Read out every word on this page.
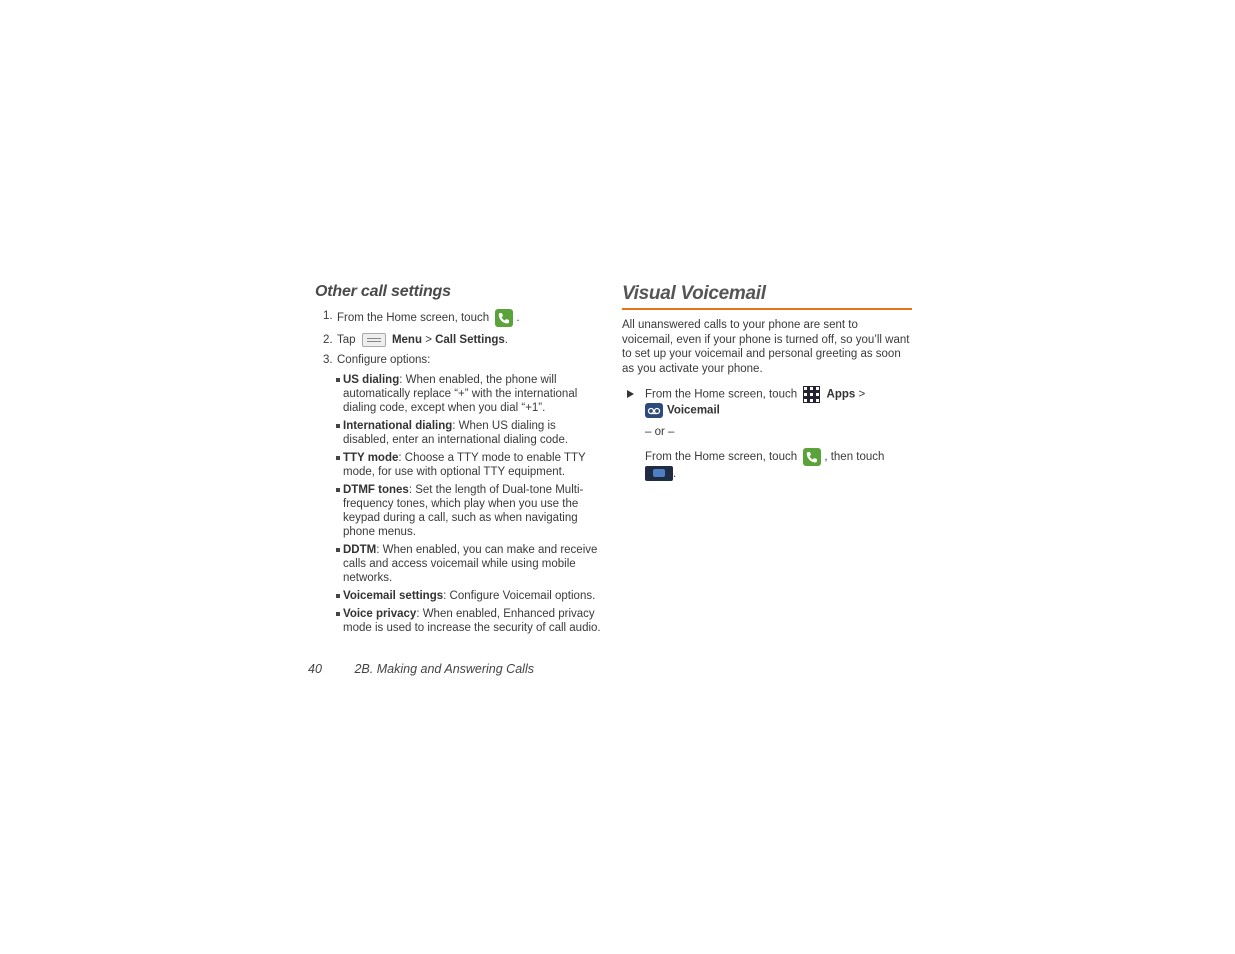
Other call settings
1. From the Home screen, touch .
2. Tap	Menu > Call Settings.
3. Configure options:
US dialing: When enabled, the phone will automatically replace “+” with the international dialing code, except when you dial “+1”.
International dialing: When US dialing is disabled, enter an international dialing code.
TTY mode: Choose a TTY mode to enable TTY mode, for use with optional TTY equipment.
DTMF tones: Set the length of Dual-tone Multi-frequency tones, which play when you use the keypad during a call, such as when navigating phone menus.
DDTM: When enabled, you can make and receive calls and access voicemail while using mobile networks.
Voicemail settings: Configure Voicemail options.
Voice privacy: When enabled, Enhanced privacy mode is used to increase the security of call audio.
Visual Voicemail

All unanswered calls to your phone are sent to voicemail, even if your phone is turned off, so you’ll want to set up your voicemail and personal greeting as soon as you activate your phone.

From the Home screen, touch	Apps >

Voicemail
– or –
From the Home screen, touch , then touch

.
40	2B. Making and Answering Calls
